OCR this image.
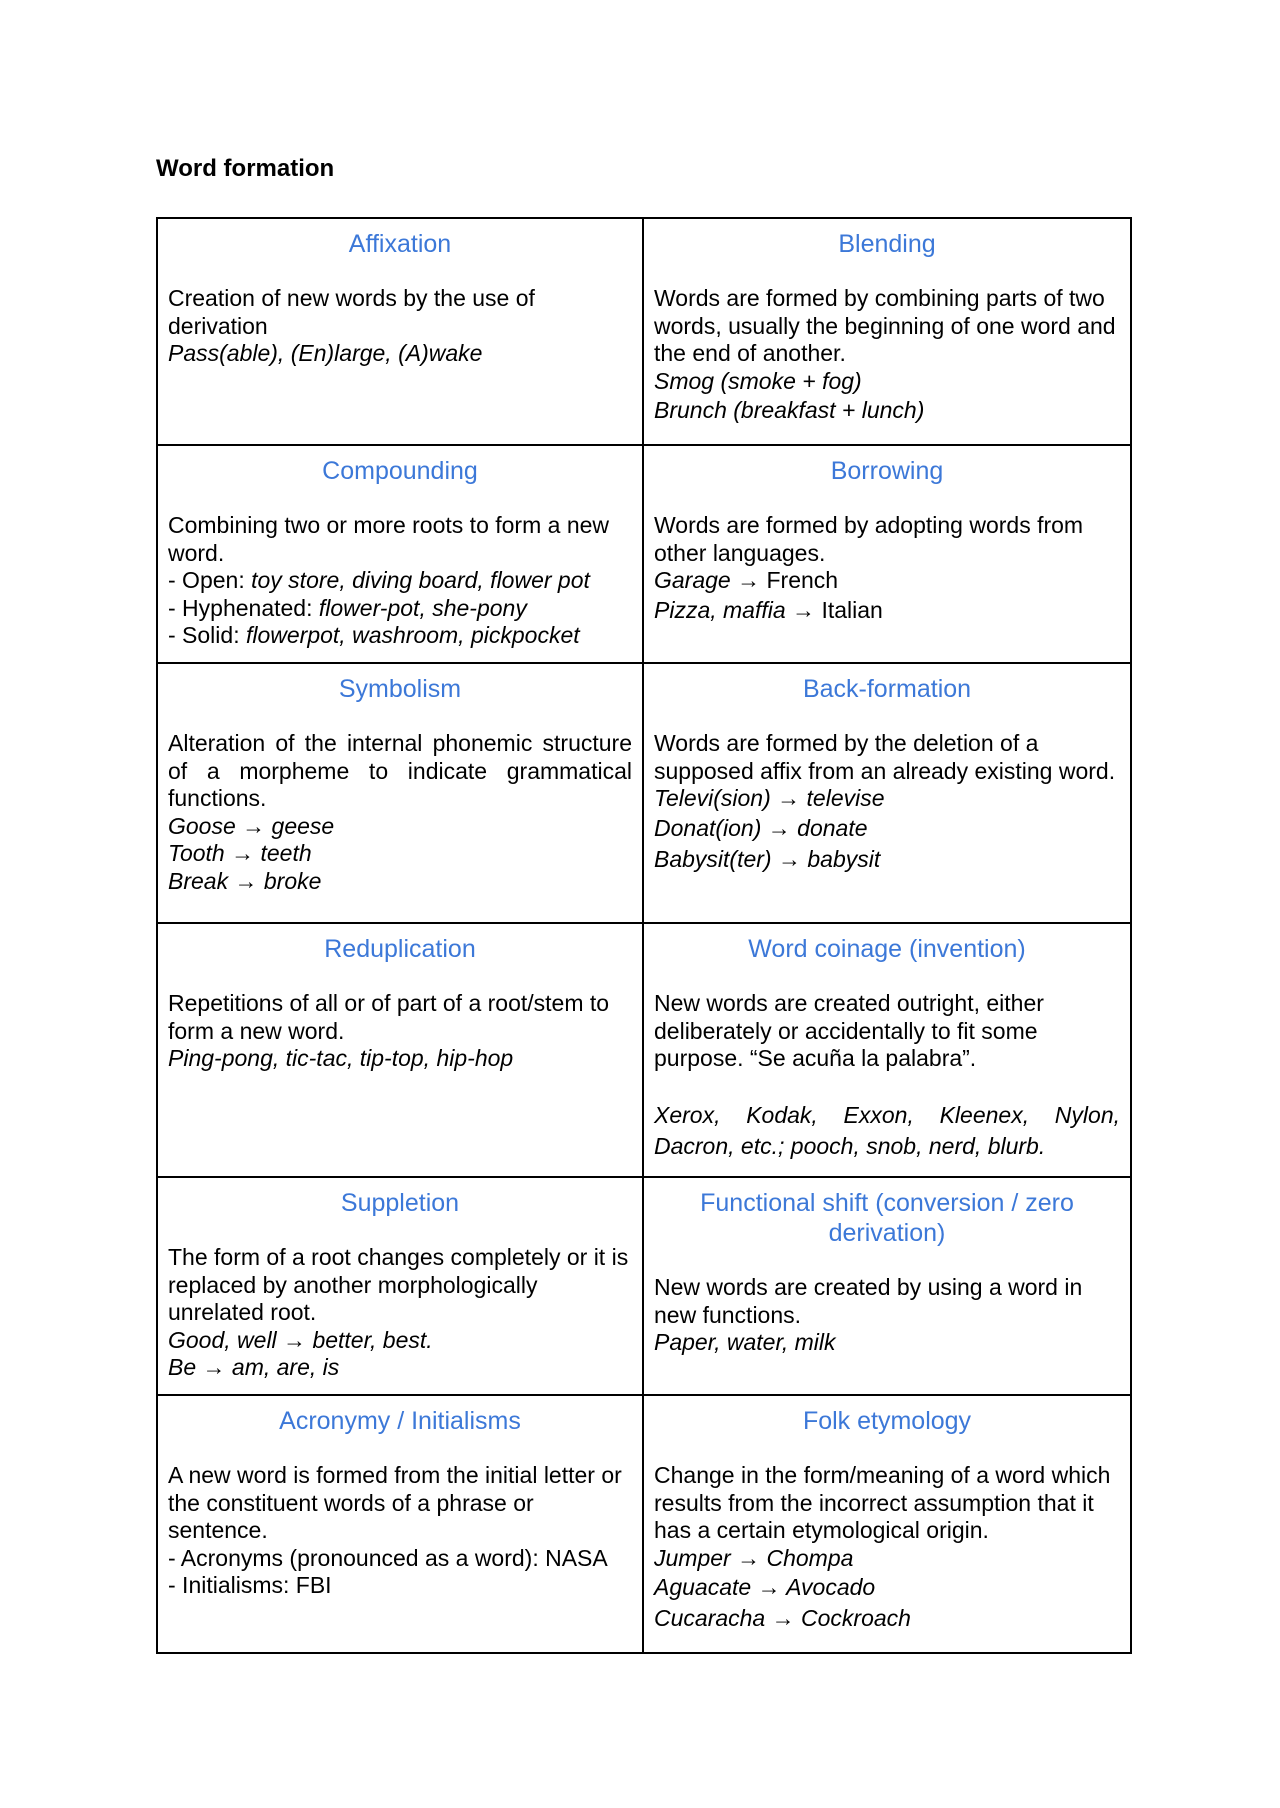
Word formation

Affixation

Creation of new words by the use of derivation

Pass(able), (En)large, (A)wake

Blending

Words are formed by combining parts of two words, usually the beginning of one word and the end of another.

Smog (smoke + fog)

Brunch (breakfast + lunch)

Compounding

Combining two or more roots to form a new word.

- Open: toy store, diving board, flower pot

- Hyphenated: flower-pot, she-pony

- Solid: flowerpot, washroom, pickpocket

Borrowing

Words are formed by adopting words from other languages.

Garage → French

Pizza, maffia → Italian

Symbolism

Alteration of the internal phonemic structure of a morpheme to indicate grammatical functions.

Goose → geese

Tooth → teeth

Break → broke

Back-formation

Words are formed by the deletion of a supposed affix from an already existing word.

Televi(sion) → televise

Donat(ion) → donate

Babysit(ter) → babysit

Reduplication

Repetitions of all or of part of a root/stem to form a new word.

Ping-pong, tic-tac, tip-top, hip-hop

Word coinage (invention)

New words are created outright, either deliberately or accidentally to fit some purpose. “Se acuña la palabra”.

Xerox, Kodak, Exxon, Kleenex, Nylon, Dacron, etc.; pooch, snob, nerd, blurb.

Suppletion

The form of a root changes completely or it is replaced by another morphologically unrelated root.

Good, well → better, best.

Be → am, are, is

Functional shift (conversion / zero derivation)

New words are created by using a word in new functions.

Paper, water, milk

Acronymy / Initialisms

A new word is formed from the initial letter or the constituent words of a phrase or sentence.

- Acronyms (pronounced as a word): NASA

- Initialisms: FBI

Folk etymology

Change in the form/meaning of a word which results from the incorrect assumption that it has a certain etymological origin.

Jumper → Chompa

Aguacate → Avocado

Cucaracha → Cockroach
